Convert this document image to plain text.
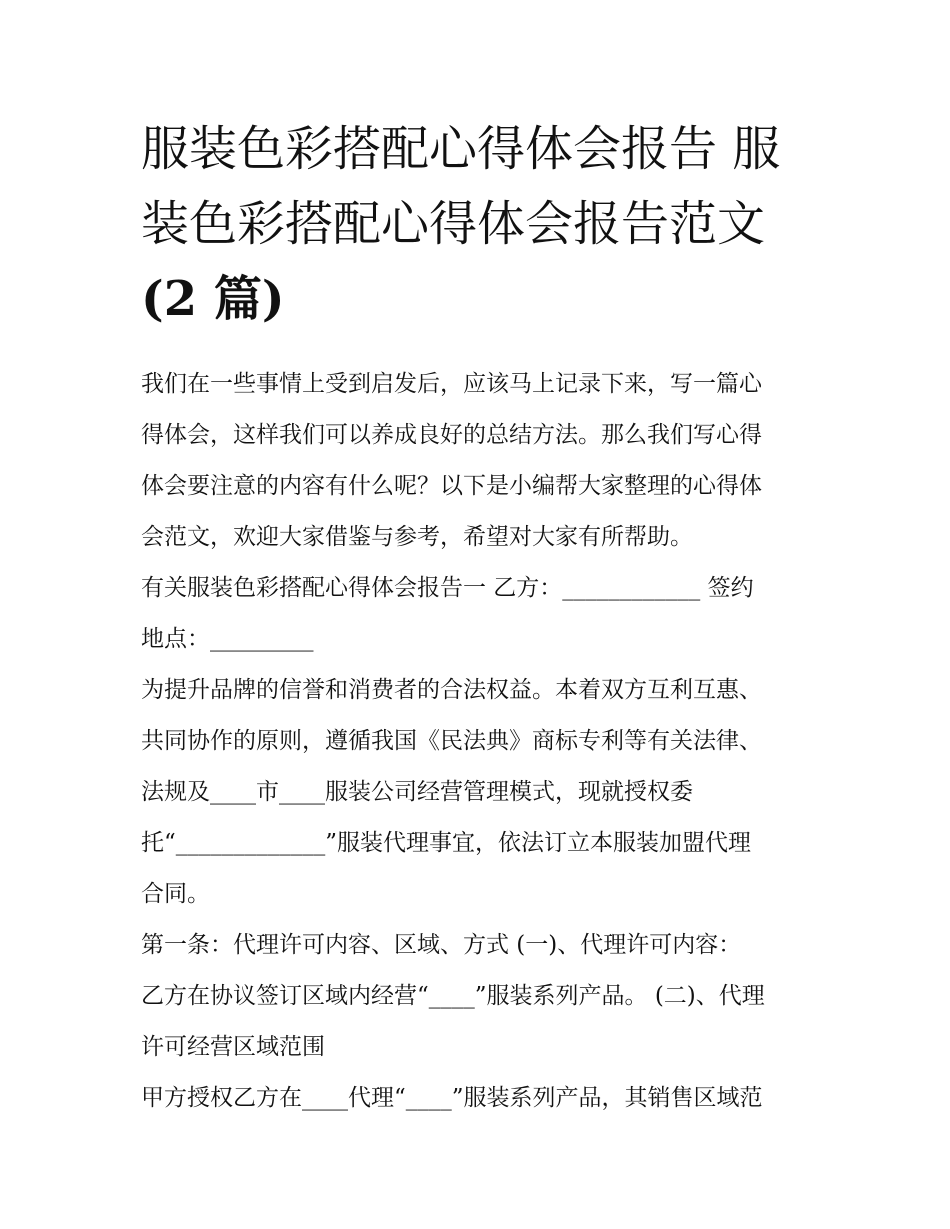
服装色彩搭配心得体会报告 服
装色彩搭配心得体会报告范文
(2 篇)
我们在一些事情上受到启发后，应该马上记录下来，写一篇心
得体会，这样我们可以养成良好的总结方法。那么我们写心得
体会要注意的内容有什么呢？以下是小编帮大家整理的心得体
会范文，欢迎大家借鉴与参考，希望对大家有所帮助。
有关服装色彩搭配心得体会报告一 乙方：____________ 签约
地点：_________
为提升品牌的信誉和消费者的合法权益。本着双方互利互惠、
共同协作的原则，遵循我国《民法典》商标专利等有关法律、
法规及____市____服装公司经营管理模式，现就授权委
托“_____________”服装代理事宜，依法订立本服装加盟代理
合同。
第一条：代理许可内容、区域、方式 (一)、代理许可内容：
乙方在协议签订区域内经营“____”服装系列产品。 (二)、代理
许可经营区域范围
甲方授权乙方在____代理“____”服装系列产品，其销售区域范
